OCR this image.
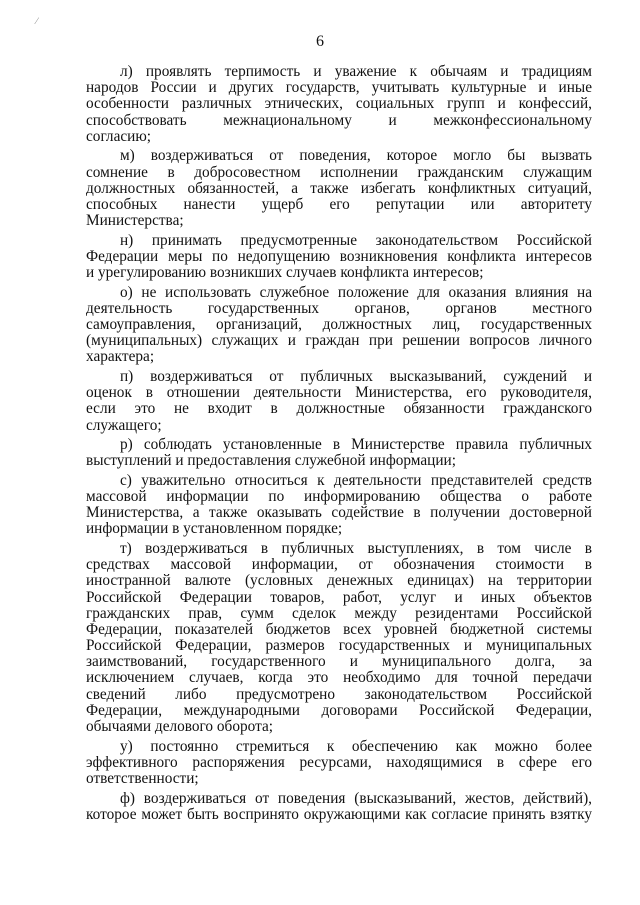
⁄
6
л) проявлять терпимость и уважение к обычаям и традициям
народов России и других государств, учитывать культурные и иные
особенности различных этнических, социальных групп и конфессий,
способствовать межнациональному и межконфессиональному
согласию;
м) воздерживаться от поведения, которое могло бы вызвать
сомнение в добросовестном исполнении гражданским служащим
должностных обязанностей, а также избегать конфликтных ситуаций,
способных нанести ущерб его репутации или авторитету
Министерства;
н) принимать предусмотренные законодательством Российской
Федерации меры по недопущению возникновения конфликта интересов
и урегулированию возникших случаев конфликта интересов;
о) не использовать служебное положение для оказания влияния на
деятельность государственных органов, органов местного
самоуправления, организаций, должностных лиц, государственных
(муниципальных) служащих и граждан при решении вопросов личного
характера;
п) воздерживаться от публичных высказываний, суждений и
оценок в отношении деятельности Министерства, его руководителя,
если это не входит в должностные обязанности гражданского
служащего;
р) соблюдать установленные в Министерстве правила публичных
выступлений и предоставления служебной информации;
с) уважительно относиться к деятельности представителей средств
массовой информации по информированию общества о работе
Министерства, а также оказывать содействие в получении достоверной
информации в установленном порядке;
т) воздерживаться в публичных выступлениях, в том числе в
средствах массовой информации, от обозначения стоимости в
иностранной валюте (условных денежных единицах) на территории
Российской Федерации товаров, работ, услуг и иных объектов
гражданских прав, сумм сделок между резидентами Российской
Федерации, показателей бюджетов всех уровней бюджетной системы
Российской Федерации, размеров государственных и муниципальных
заимствований, государственного и муниципального долга, за
исключением случаев, когда это необходимо для точной передачи
сведений либо предусмотрено законодательством Российской
Федерации, международными договорами Российской Федерации,
обычаями делового оборота;
у) постоянно стремиться к обеспечению как можно более
эффективного распоряжения ресурсами, находящимися в сфере его
ответственности;
ф) воздерживаться от поведения (высказываний, жестов, действий),
которое может быть воспринято окружающими как согласие принять взятку
